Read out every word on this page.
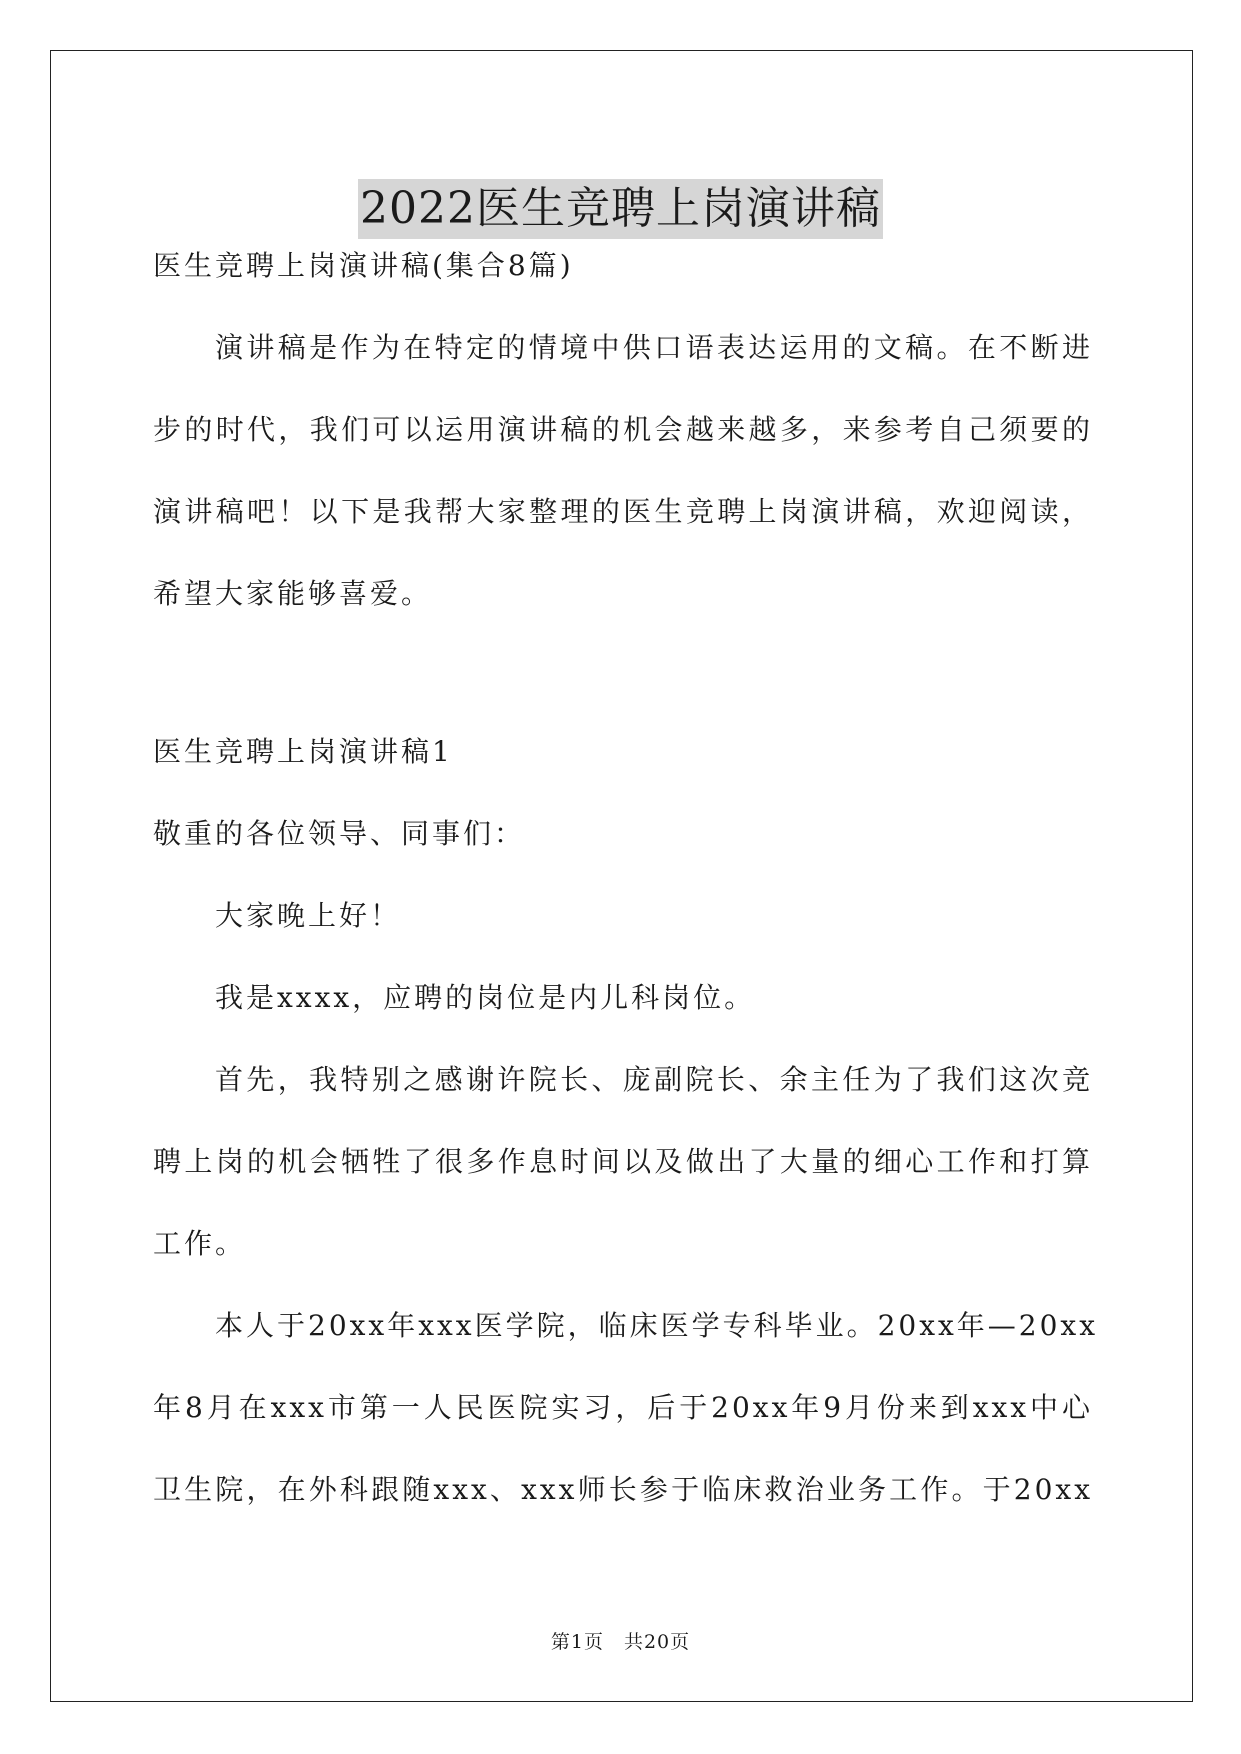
2022医生竞聘上岗演讲稿
医生竞聘上岗演讲稿(集合8篇)
演讲稿是作为在特定的情境中供口语表达运用的文稿。在不断进
步的时代，我们可以运用演讲稿的机会越来越多，来参考自己须要的
演讲稿吧！以下是我帮大家整理的医生竞聘上岗演讲稿，欢迎阅读，
希望大家能够喜爱。
医生竞聘上岗演讲稿1
敬重的各位领导、同事们：
大家晚上好！
我是xxxx，应聘的岗位是内儿科岗位。
首先，我特别之感谢许院长、庞副院长、余主任为了我们这次竞
聘上岗的机会牺牲了很多作息时间以及做出了大量的细心工作和打算
工作。
本人于20xx年xxx医学院，临床医学专科毕业。20xx年—20xx
年8月在xxx市第一人民医院实习，后于20xx年9月份来到xxx中心
卫生院，在外科跟随xxx、xxx师长参于临床救治业务工作。于20xx
第1页　共20页
